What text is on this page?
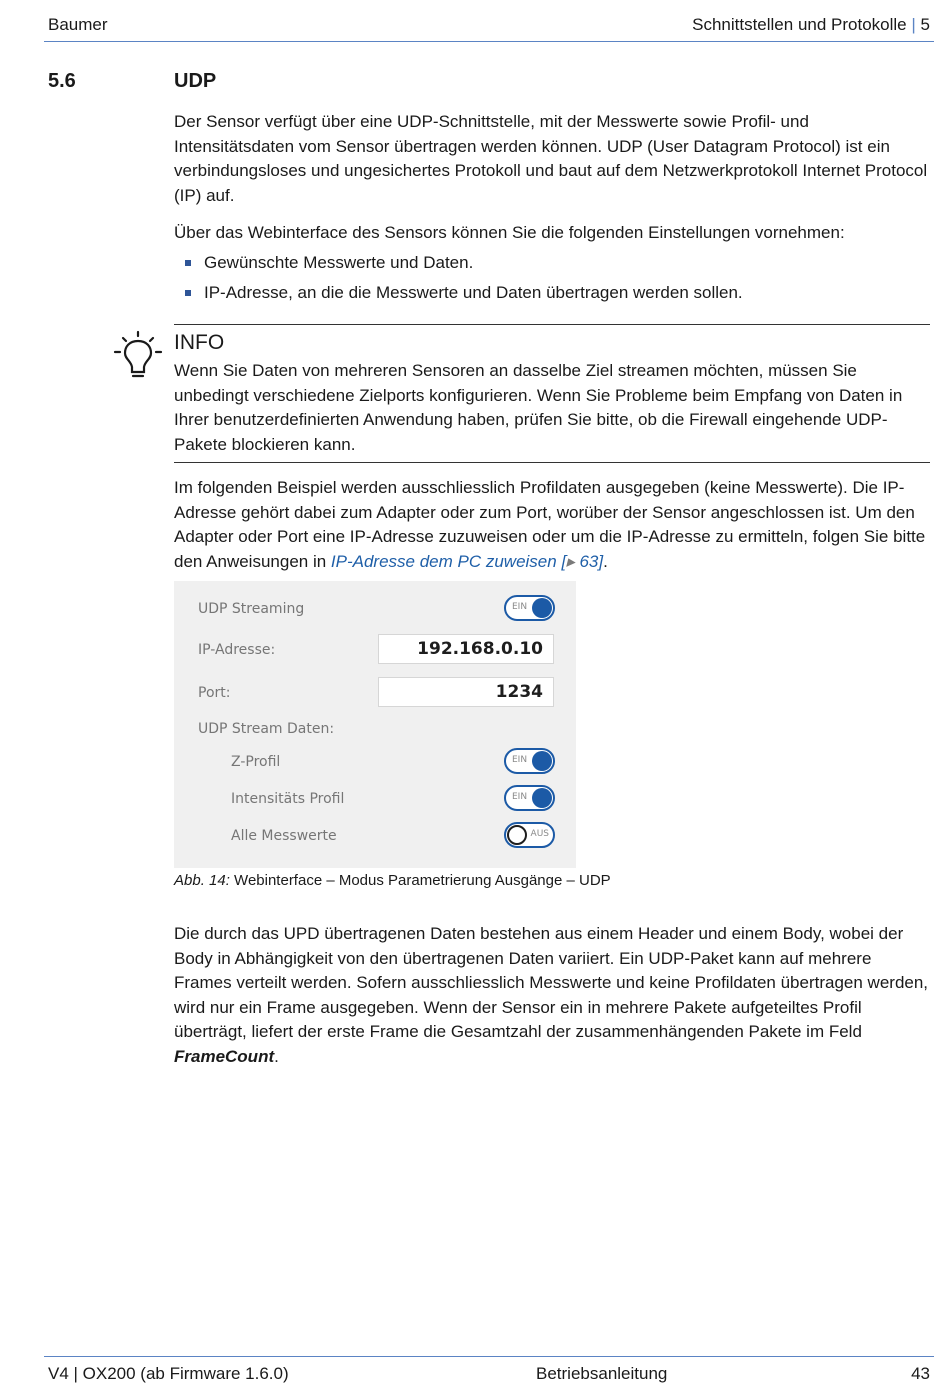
Baumer	Schnittstellen und Protokolle | 5
5.6	UDP

Der Sensor verfügt über eine UDP-Schnittstelle, mit der Messwerte sowie Profil- und Intensitätsdaten vom Sensor übertragen werden können. UDP (User Datagram Protocol) ist ein verbindungsloses und ungesichertes Protokoll und baut auf dem Netzwerkprotokoll Internet Protocol (IP) auf.

Über das Webinterface des Sensors können Sie die folgenden Einstellungen vornehmen:

Gewünschte Messwerte und Daten.
IP-Adresse, an die die Messwerte und Daten übertragen werden sollen.
INFO

Wenn Sie Daten von mehreren Sensoren an dasselbe Ziel streamen möchten, müssen Sie unbedingt verschiedene Zielports konfigurieren. Wenn Sie Probleme beim Empfang von Daten in Ihrer benutzerdefinierten Anwendung haben, prüfen Sie bitte, ob die Firewall eingehende UDP-Pakete blockieren kann.

Im folgenden Beispiel werden ausschliesslich Profildaten ausgegeben (keine Messwerte). Die IP-Adresse gehört dabei zum Adapter oder zum Port, worüber der Sensor angeschlossen ist. Um den Adapter oder Port eine IP-Adresse zuzuweisen oder um die IP-Adresse zu ermitteln, folgen Sie bitte den Anweisungen in IP-Adresse dem PC zuweisen [▸ 63].

UDP Streaming	EIN
IP-Adresse:	192.168.0.10
Port:	1234
UDP Stream Daten:
Z-Profil	EIN
Intensitäts Profil	EIN
Alle Messwerte	AUS
Abb. 14: Webinterface – Modus Parametrierung Ausgänge – UDP

Die durch das UPD übertragenen Daten bestehen aus einem Header und einem Body, wobei der Body in Abhängigkeit von den übertragenen Daten variiert. Ein UDP-Paket kann auf mehrere Frames verteilt werden. Sofern ausschliesslich Messwerte und keine Profildaten übertragen werden, wird nur ein Frame ausgegeben. Wenn der Sensor ein in mehrere Pakete aufgeteiltes Profil überträgt, liefert der erste Frame die Gesamtzahl der zusammenhängenden Pakete im Feld FrameCount.

V4 | OX200 (ab Firmware 1.6.0)	Betriebsanleitung	43
